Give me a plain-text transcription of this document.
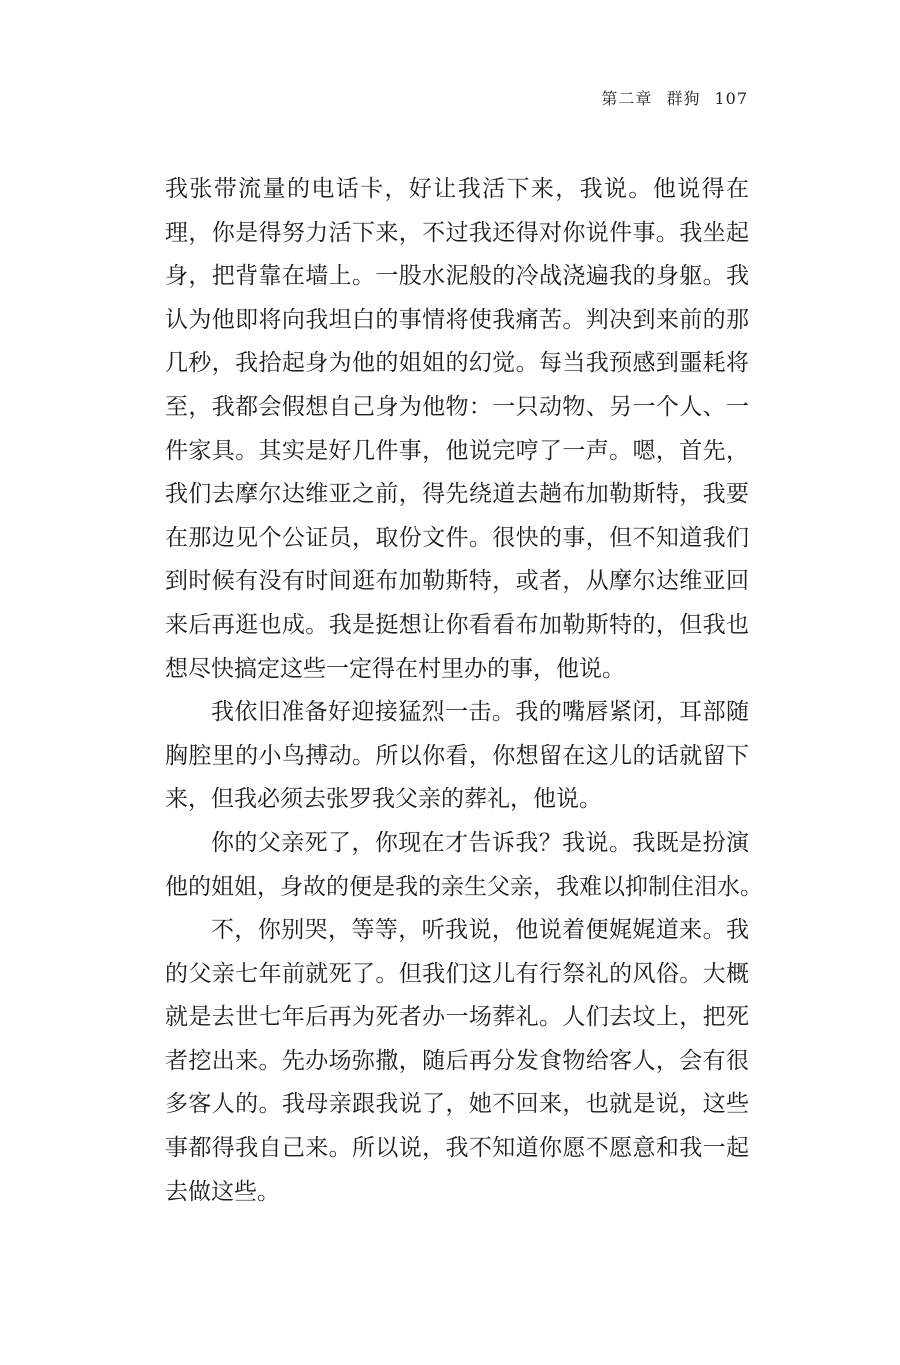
第二章 群狗 107
我张带流量的电话卡，好让我活下来，我说。他说得在
理，你是得努力活下来，不过我还得对你说件事。我坐起
身，把背靠在墙上。一股水泥般的冷战浇遍我的身躯。我
认为他即将向我坦白的事情将使我痛苦。判决到来前的那
几秒，我拾起身为他的姐姐的幻觉。每当我预感到噩耗将
至，我都会假想自己身为他物：一只动物、另一个人、一
件家具。其实是好几件事，他说完哼了一声。嗯，首先，
我们去摩尔达维亚之前，得先绕道去趟布加勒斯特，我要
在那边见个公证员，取份文件。很快的事，但不知道我们
到时候有没有时间逛布加勒斯特，或者，从摩尔达维亚回
来后再逛也成。我是挺想让你看看布加勒斯特的，但我也
想尽快搞定这些一定得在村里办的事，他说。
我依旧准备好迎接猛烈一击。我的嘴唇紧闭，耳部随
胸腔里的小鸟搏动。所以你看，你想留在这儿的话就留下
来，但我必须去张罗我父亲的葬礼，他说。
你的父亲死了，你现在才告诉我？我说。我既是扮演
他的姐姐，身故的便是我的亲生父亲，我难以抑制住泪水。
不，你别哭，等等，听我说，他说着便娓娓道来。我
的父亲七年前就死了。但我们这儿有行祭礼的风俗。大概
就是去世七年后再为死者办一场葬礼。人们去坟上，把死
者挖出来。先办场弥撒，随后再分发食物给客人，会有很
多客人的。我母亲跟我说了，她不回来，也就是说，这些
事都得我自己来。所以说，我不知道你愿不愿意和我一起
去做这些。
